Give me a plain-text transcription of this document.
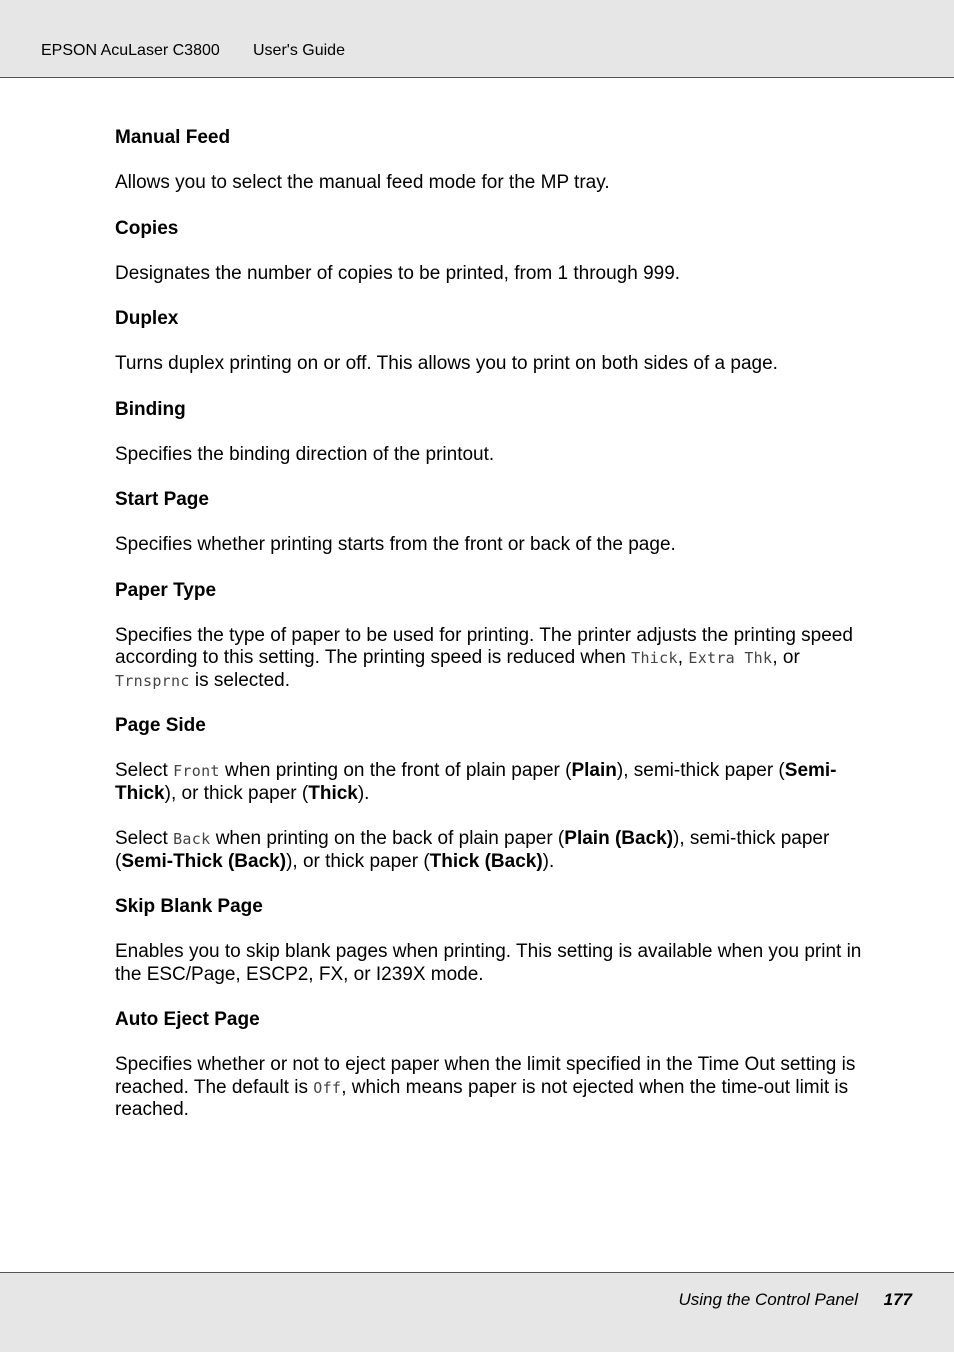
EPSON AcuLaser C3800 User's Guide
Manual Feed
Allows you to select the manual feed mode for the MP tray.
Copies
Designates the number of copies to be printed, from 1 through 999.
Duplex
Turns duplex printing on or off. This allows you to print on both sides of a page.
Binding
Specifies the binding direction of the printout.
Start Page
Specifies whether printing starts from the front or back of the page.
Paper Type
Specifies the type of paper to be used for printing. The printer adjusts the printing speed according to this setting. The printing speed is reduced when Thick, Extra Thk, or Trnsprnc is selected.
Page Side
Select Front when printing on the front of plain paper (Plain), semi-thick paper (Semi-Thick), or thick paper (Thick).
Select Back when printing on the back of plain paper (Plain (Back)), semi-thick paper (Semi-Thick (Back)), or thick paper (Thick (Back)).
Skip Blank Page
Enables you to skip blank pages when printing. This setting is available when you print in the ESC/Page, ESCP2, FX, or I239X mode.
Auto Eject Page
Specifies whether or not to eject paper when the limit specified in the Time Out setting is reached. The default is Off, which means paper is not ejected when the time-out limit is reached.
Using the Control Panel 177
